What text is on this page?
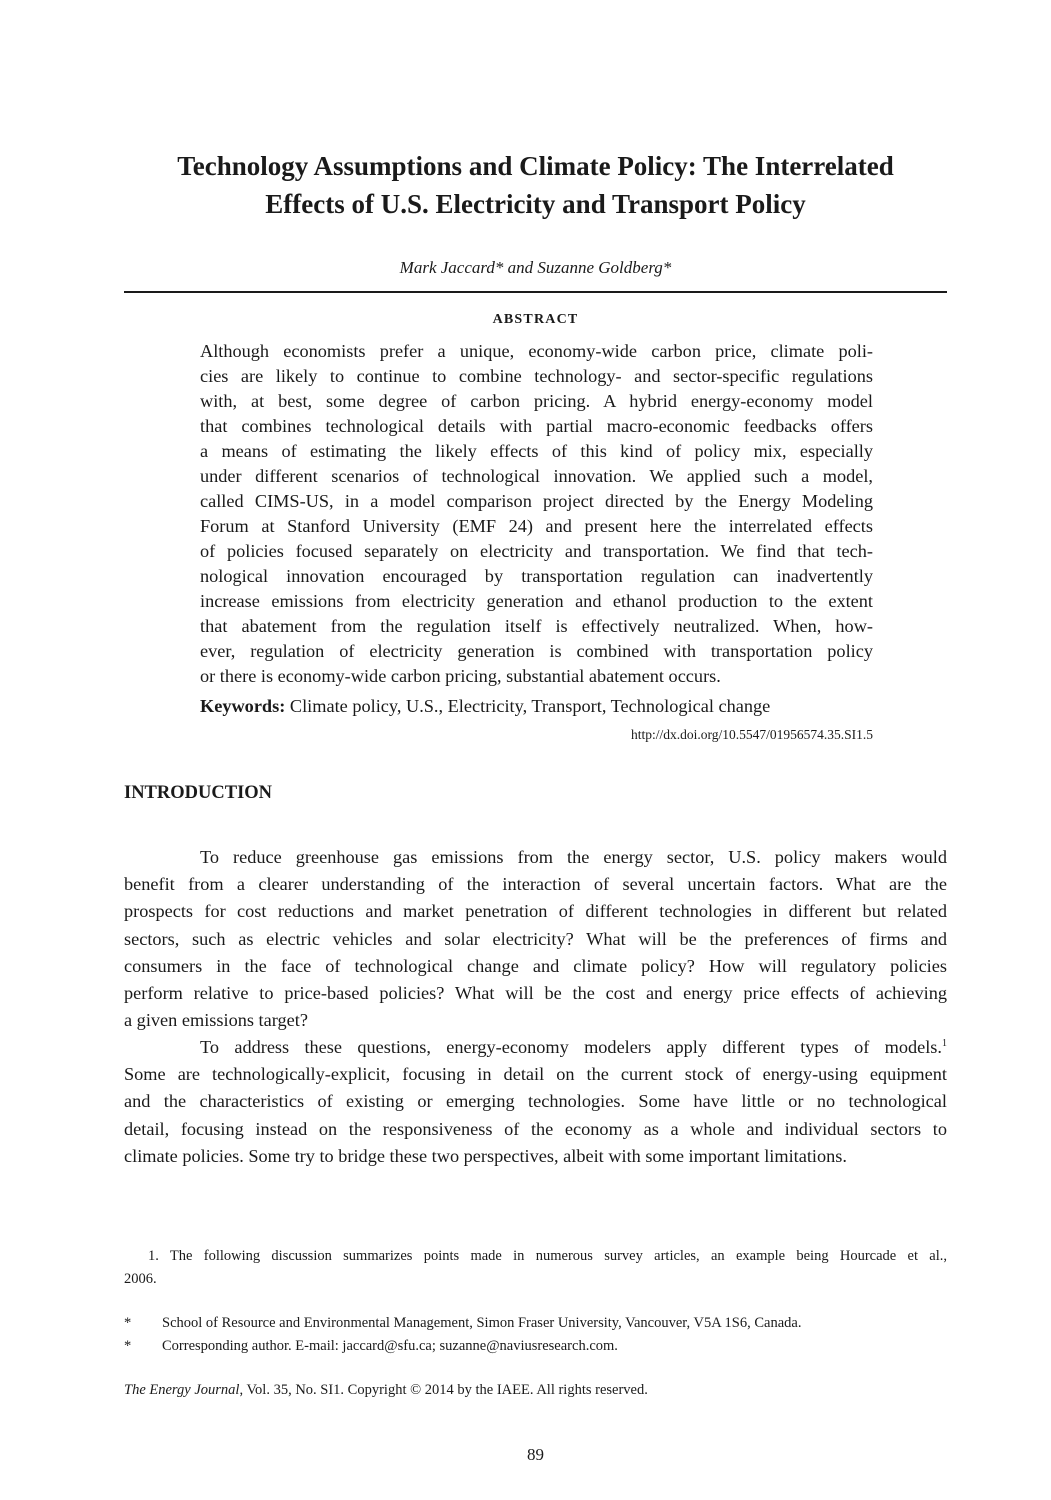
Technology Assumptions and Climate Policy: The Interrelated
Effects of U.S. Electricity and Transport Policy

Mark Jaccard* and Suzanne Goldberg*

ABSTRACT

Although economists prefer a unique, economy-wide carbon price, climate poli-
cies are likely to continue to combine technology- and sector-specific regulations
with, at best, some degree of carbon pricing. A hybrid energy-economy model
that combines technological details with partial macro-economic feedbacks offers
a means of estimating the likely effects of this kind of policy mix, especially
under different scenarios of technological innovation. We applied such a model,
called CIMS-US, in a model comparison project directed by the Energy Modeling
Forum at Stanford University (EMF 24) and present here the interrelated effects
of policies focused separately on electricity and transportation. We find that tech-
nological innovation encouraged by transportation regulation can inadvertently
increase emissions from electricity generation and ethanol production to the extent
that abatement from the regulation itself is effectively neutralized. When, how-
ever, regulation of electricity generation is combined with transportation policy
or there is economy-wide carbon pricing, substantial abatement occurs.

Keywords: Climate policy, U.S., Electricity, Transport, Technological change

http://dx.doi.org/10.5547/01956574.35.SI1.5

INTRODUCTION

To reduce greenhouse gas emissions from the energy sector, U.S. policy makers would
benefit from a clearer understanding of the interaction of several uncertain factors. What are the
prospects for cost reductions and market penetration of different technologies in different but related
sectors, such as electric vehicles and solar electricity? What will be the preferences of firms and
consumers in the face of technological change and climate policy? How will regulatory policies
perform relative to price-based policies? What will be the cost and energy price effects of achieving
a given emissions target?

To address these questions, energy-economy modelers apply different types of models.$^1$
Some are technologically-explicit, focusing in detail on the current stock of energy-using equipment
and the characteristics of existing or emerging technologies. Some have little or no technological
detail, focusing instead on the responsiveness of the economy as a whole and individual sectors to
climate policies. Some try to bridge these two perspectives, albeit with some important limitations.

1. The following discussion summarizes points made in numerous survey articles, an example being Hourcade et al.,
2006.

* School of Resource and Environmental Management, Simon Fraser University, Vancouver, V5A 1S6, Canada.

* Corresponding author. E-mail: jaccard@sfu.ca; suzanne@naviusresearch.com.

The Energy Journal, Vol. 35, No. SI1. Copyright © 2014 by the IAEE. All rights reserved.

89
